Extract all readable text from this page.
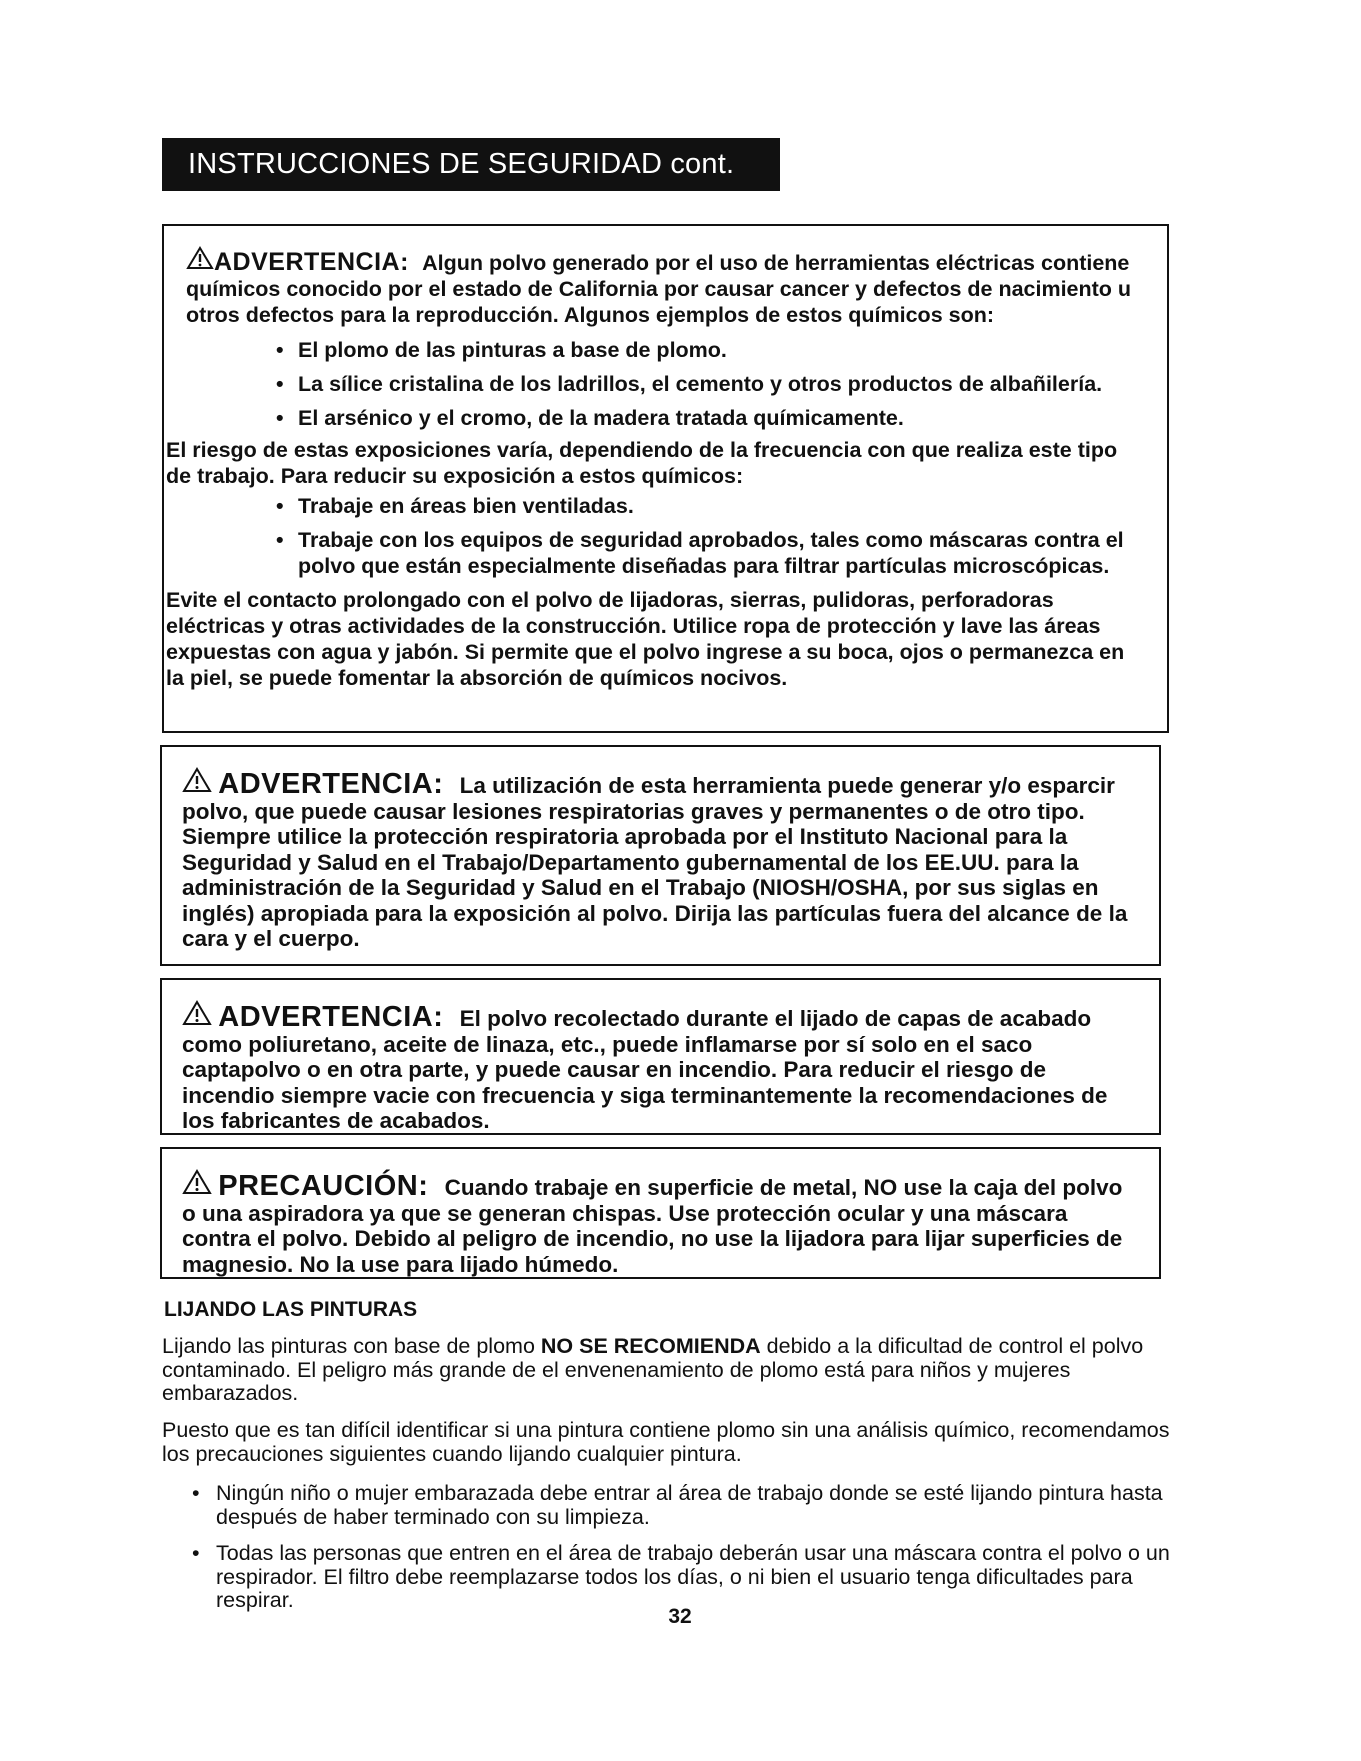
INSTRUCCIONES DE SEGURIDAD cont.
ADVERTENCIA: Algun polvo generado por el uso de herramientas eléctricas contiene químicos conocido por el estado de California por causar cancer y defectos de nacimiento u otros defectos para la reproducción. Algunos ejemplos de estos químicos son:
• El plomo de las pinturas a base de plomo.
• La sílice cristalina de los ladrillos, el cemento y otros productos de albañilería.
• El arsénico y el cromo, de la madera tratada químicamente.
El riesgo de estas exposiciones varía, dependiendo de la frecuencia con que realiza este tipo de trabajo. Para reducir su exposición a estos químicos:
• Trabaje en áreas bien ventiladas.
• Trabaje con los equipos de seguridad aprobados, tales como máscaras contra el polvo que están especialmente diseñadas para filtrar partículas microscópicas.
Evite el contacto prolongado con el polvo de lijadoras, sierras, pulidoras, perforadoras eléctricas y otras actividades de la construcción. Utilice ropa de protección y lave las áreas expuestas con agua y jabón. Si permite que el polvo ingrese a su boca, ojos o permanezca en la piel, se puede fomentar la absorción de químicos nocivos.
ADVERTENCIA: La utilización de esta herramienta puede generar y/o esparcir polvo, que puede causar lesiones respiratorias graves y permanentes o de otro tipo. Siempre utilice la protección respiratoria aprobada por el Instituto Nacional para la Seguridad y Salud en el Trabajo/Departamento gubernamental de los EE.UU. para la administración de la Seguridad y Salud en el Trabajo (NIOSH/OSHA, por sus siglas en inglés) apropiada para la exposición al polvo. Dirija las partículas fuera del alcance de la cara y el cuerpo.
ADVERTENCIA: El polvo recolectado durante el lijado de capas de acabado como poliuretano, aceite de linaza, etc., puede inflamarse por sí solo en el saco captapolvo o en otra parte, y puede causar en incendio. Para reducir el riesgo de incendio siempre vacie con frecuencia y siga terminantemente la recomendaciones de los fabricantes de acabados.
PRECAUCIÓN: Cuando trabaje en superficie de metal, NO use la caja del polvo o una aspiradora ya que se generan chispas. Use protección ocular y una máscara contra el polvo. Debido al peligro de incendio, no use la lijadora para lijar superficies de magnesio. No la use para lijado húmedo.
LIJANDO LAS PINTURAS
Lijando las pinturas con base de plomo NO SE RECOMIENDA debido a la dificultad de control el polvo contaminado. El peligro más grande de el envenenamiento de plomo está para niños y mujeres embarazados.
Puesto que es tan difícil identificar si una pintura contiene plomo sin una análisis químico, recomendamos los precauciones siguientes cuando lijando cualquier pintura.
• Ningún niño o mujer embarazada debe entrar al área de trabajo donde se esté lijando pintura hasta después de haber terminado con su limpieza.
• Todas las personas que entren en el área de trabajo deberán usar una máscara contra el polvo o un respirador. El filtro debe reemplazarse todos los días, o ni bien el usuario tenga dificultades para respirar.
32
